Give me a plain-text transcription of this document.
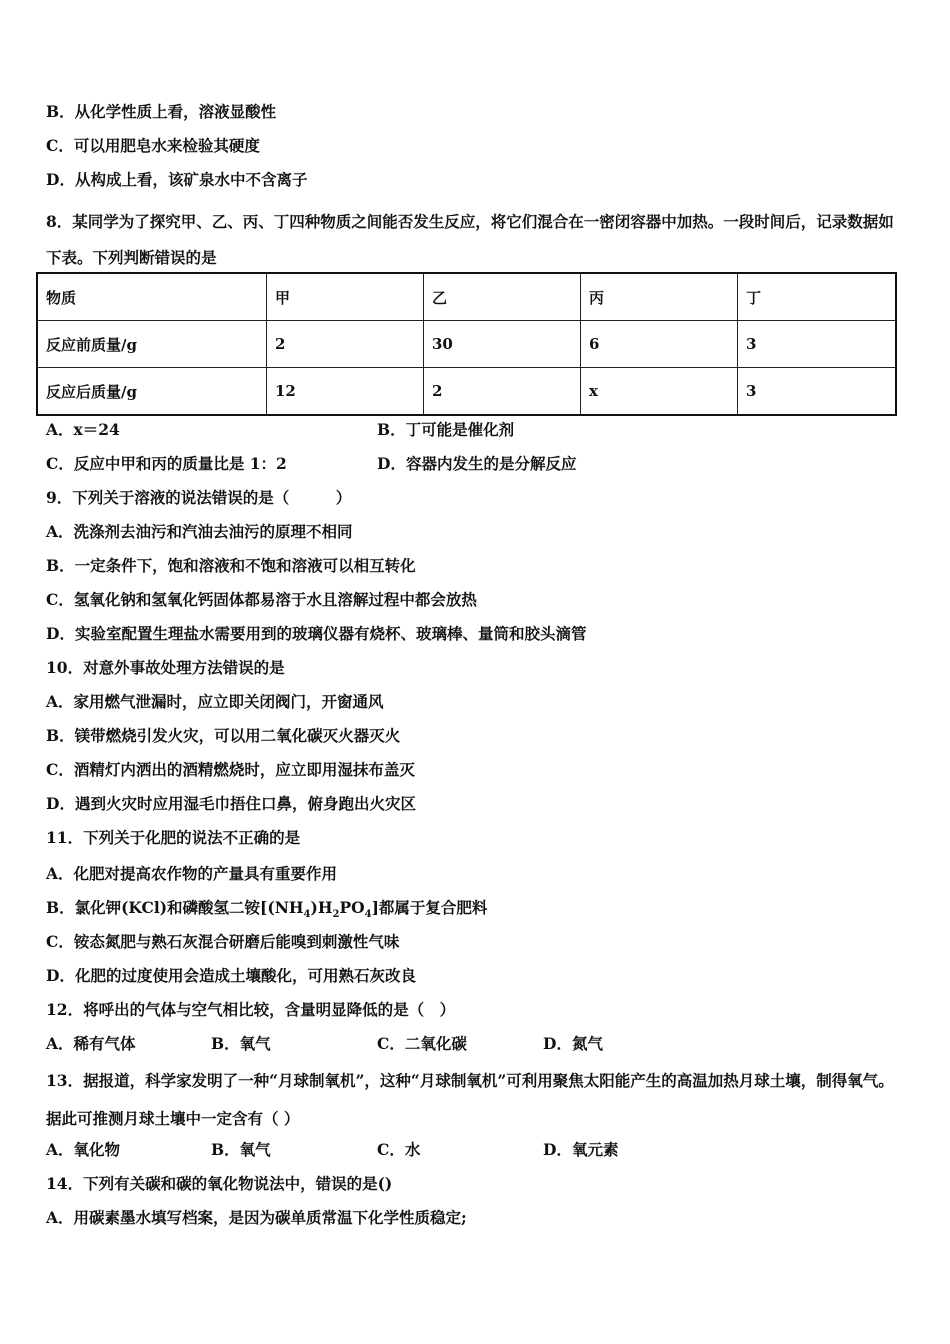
B．从化学性质上看，溶液显酸性
C．可以用肥皂水来检验其硬度
D．从构成上看，该矿泉水中不含离子
8．某同学为了探究甲、乙、丙、丁四种物质之间能否发生反应，将它们混合在一密闭容器中加热。一段时间后，记录数据如下表。下列判断错误的是
物质	甲	乙	丙	丁
反应前质量/g	2	30	6	3
反应后质量/g	12	2	x	3
A．x＝24	B．丁可能是催化剂
C．反应中甲和丙的质量比是 1：2	D．容器内发生的是分解反应
9．下列关于溶液的说法错误的是（　　　）
A．洗涤剂去油污和汽油去油污的原理不相同
B．一定条件下，饱和溶液和不饱和溶液可以相互转化
C．氢氧化钠和氢氧化钙固体都易溶于水且溶解过程中都会放热
D．实验室配置生理盐水需要用到的玻璃仪器有烧杯、玻璃棒、量筒和胶头滴管
10．对意外事故处理方法错误的是
A．家用燃气泄漏时，应立即关闭阀门，开窗通风
B．镁带燃烧引发火灾，可以用二氧化碳灭火器灭火
C．酒精灯内洒出的酒精燃烧时，应立即用湿抹布盖灭
D．遇到火灾时应用湿毛巾捂住口鼻，俯身跑出火灾区
11．下列关于化肥的说法不正确的是
A．化肥对提高农作物的产量具有重要作用
B．氯化钾(KCl)和磷酸氢二铵$[(NH_4)H_2PO_4]$都属于复合肥料
C．铵态氮肥与熟石灰混合研磨后能嗅到刺激性气味
D．化肥的过度使用会造成土壤酸化，可用熟石灰改良
12．将呼出的气体与空气相比较，含量明显降低的是（　）
A．稀有气体	B．氧气	C．二氧化碳	D．氮气
13．据报道，科学家发明了一种“月球制氧机”，这种“月球制氧机”可利用聚焦太阳能产生的高温加热月球土壤，制得氧气。据此可推测月球土壤中一定含有（ ）
A．氧化物	B．氧气	C．水	D．氧元素
14．下列有关碳和碳的氧化物说法中，错误的是()
A．用碳素墨水填写档案，是因为碳单质常温下化学性质稳定;
